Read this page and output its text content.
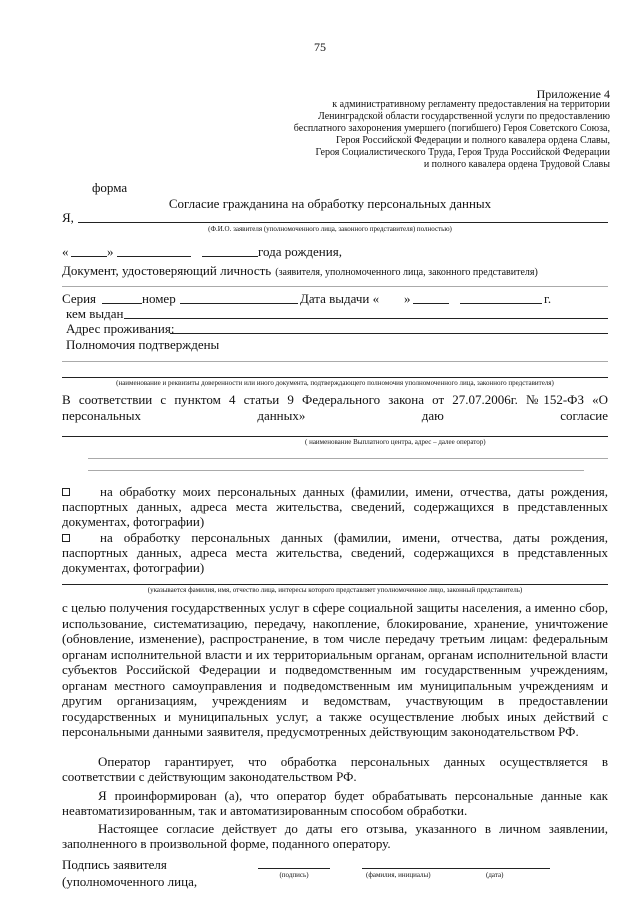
75
Приложение 4
к административному регламенту предоставления на территории
Ленинградской области государственной услуги по предоставлению
бесплатного захоронения умершего (погибшего) Героя Советского Союза,
Героя Российской Федерации и полного кавалера ордена Славы,
Героя Социалистического Труда, Героя Труда Российской Федерации
и полного кавалера ордена Трудовой Славы
форма
Согласие гражданина на обработку персональных данных
Я,
(Ф.И.О. заявителя (уполномоченного лица, законного представителя) полностью)
«	»	года рождения,
Документ, удостоверяющий личность (заявителя, уполномоченного лица, законного представителя)
Серия	номер	Дата выдачи « »	г.
кем выдан
Адрес проживания:
Полномочия подтверждены
(наименование и реквизиты доверенности или иного документа, подтверждающего полномочия уполномоченного лица, законного представителя)
В соответствии с пунктом 4 статьи 9 Федерального закона от 27.07.2006г. №152-ФЗ «О
персональных	данных»	даю	согласие
( наименование Выплатного центра, адрес – далее оператор)
на обработку моих персональных данных (фамилии, имени, отчества, даты рождения, паспортных данных, адреса места жительства, сведений, содержащихся в представленных документах, фотографии)
на обработку персональных данных (фамилии, имени, отчества, даты рождения, паспортных данных, адреса места жительства, сведений, содержащихся в представленных документах, фотографии)
(указывается фамилия, имя, отчество лица, интересы которого представляет уполномоченное лицо, законный представитель)
с целью получения государственных услуг в сфере социальной защиты населения, а именно сбор, использование, систематизацию, передачу, накопление, блокирование, хранение, уничтожение (обновление, изменение), распространение, в том числе передачу третьим лицам: федеральным органам исполнительной власти и их территориальным органам, органам исполнительной власти субъектов Российской Федерации и подведомственным им государственным учреждениям, органам местного самоуправления и подведомственным им муниципальным учреждениям и другим организациям, учреждениям и ведомствам, участвующим в предоставлении государственных и муниципальных услуг, а также осуществление любых иных действий с персональными данными заявителя, предусмотренных действующим законодательством РФ.
Оператор гарантирует, что обработка персональных данных осуществляется в соответствии с действующим законодательством РФ.
Я проинформирован (а), что оператор будет обрабатывать персональные данные как неавтоматизированным, так и автоматизированным способом обработки.
Настоящее согласие действует до даты его отзыва, указанного в личном заявлении, заполненного в произвольной форме, поданного оператору.
Подпись заявителя
(уполномоченного лица,	(подпись)	(фамилия, инициалы)	(дата)
